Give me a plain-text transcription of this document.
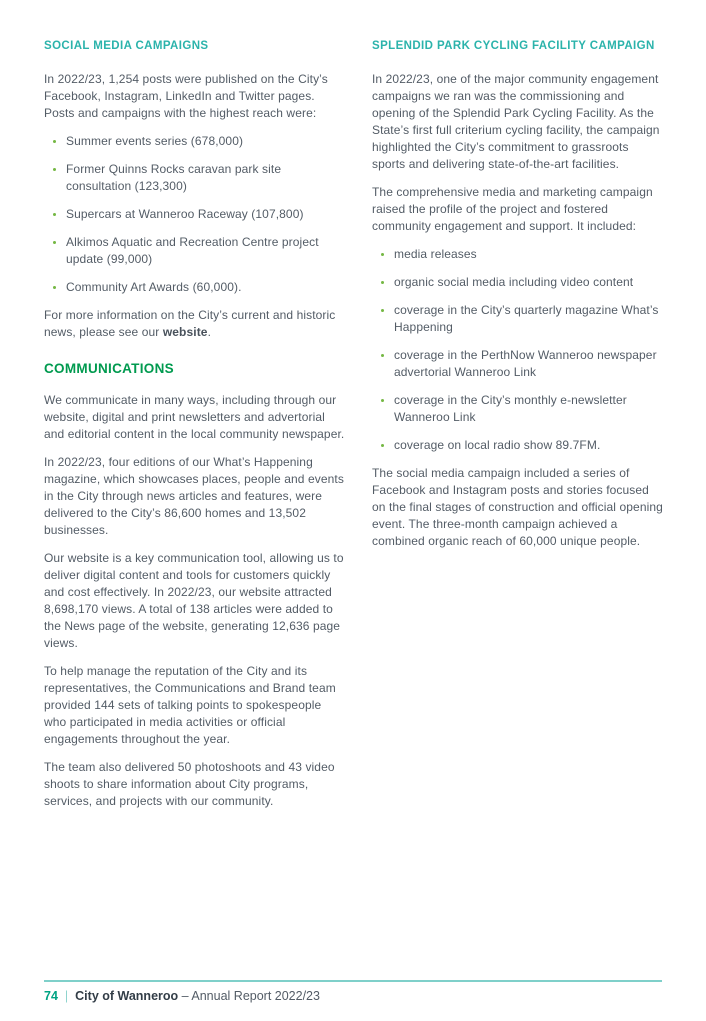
SOCIAL MEDIA CAMPAIGNS

In 2022/23, 1,254 posts were published on the City’s Facebook, Instagram, LinkedIn and Twitter pages. Posts and campaigns with the highest reach were:

Summer events series (678,000)
Former Quinns Rocks caravan park site consultation (123,300)
Supercars at Wanneroo Raceway (107,800)
Alkimos Aquatic and Recreation Centre project update (99,000)
Community Art Awards (60,000).

For more information on the City’s current and historic news, please see our website.

COMMUNICATIONS

We communicate in many ways, including through our website, digital and print newsletters and advertorial and editorial content in the local community newspaper.

In 2022/23, four editions of our What’s Happening magazine, which showcases places, people and events in the City through news articles and features, were delivered to the City’s 86,600 homes and 13,502 businesses.

Our website is a key communication tool, allowing us to deliver digital content and tools for customers quickly and cost effectively. In 2022/23, our website attracted 8,698,170 views. A total of 138 articles were added to the News page of the website, generating 12,636 page views.

To help manage the reputation of the City and its representatives, the Communications and Brand team provided 144 sets of talking points to spokespeople who participated in media activities or official engagements throughout the year.

The team also delivered 50 photoshoots and 43 video shoots to share information about City programs, services, and projects with our community.

SPLENDID PARK CYCLING FACILITY CAMPAIGN

In 2022/23, one of the major community engagement campaigns we ran was the commissioning and opening of the Splendid Park Cycling Facility. As the State’s first full criterium cycling facility, the campaign highlighted the City’s commitment to grassroots sports and delivering state-of-the-art facilities.

The comprehensive media and marketing campaign raised the profile of the project and fostered community engagement and support. It included:

media releases
organic social media including video content
coverage in the City’s quarterly magazine What’s Happening
coverage in the PerthNow Wanneroo newspaper advertorial Wanneroo Link
coverage in the City’s monthly e-newsletter Wanneroo Link
coverage on local radio show 89.7FM.

The social media campaign included a series of Facebook and Instagram posts and stories focused on the final stages of construction and official opening event. The three-month campaign achieved a combined organic reach of 60,000 unique people.

74 | City of Wanneroo – Annual Report 2022/23
